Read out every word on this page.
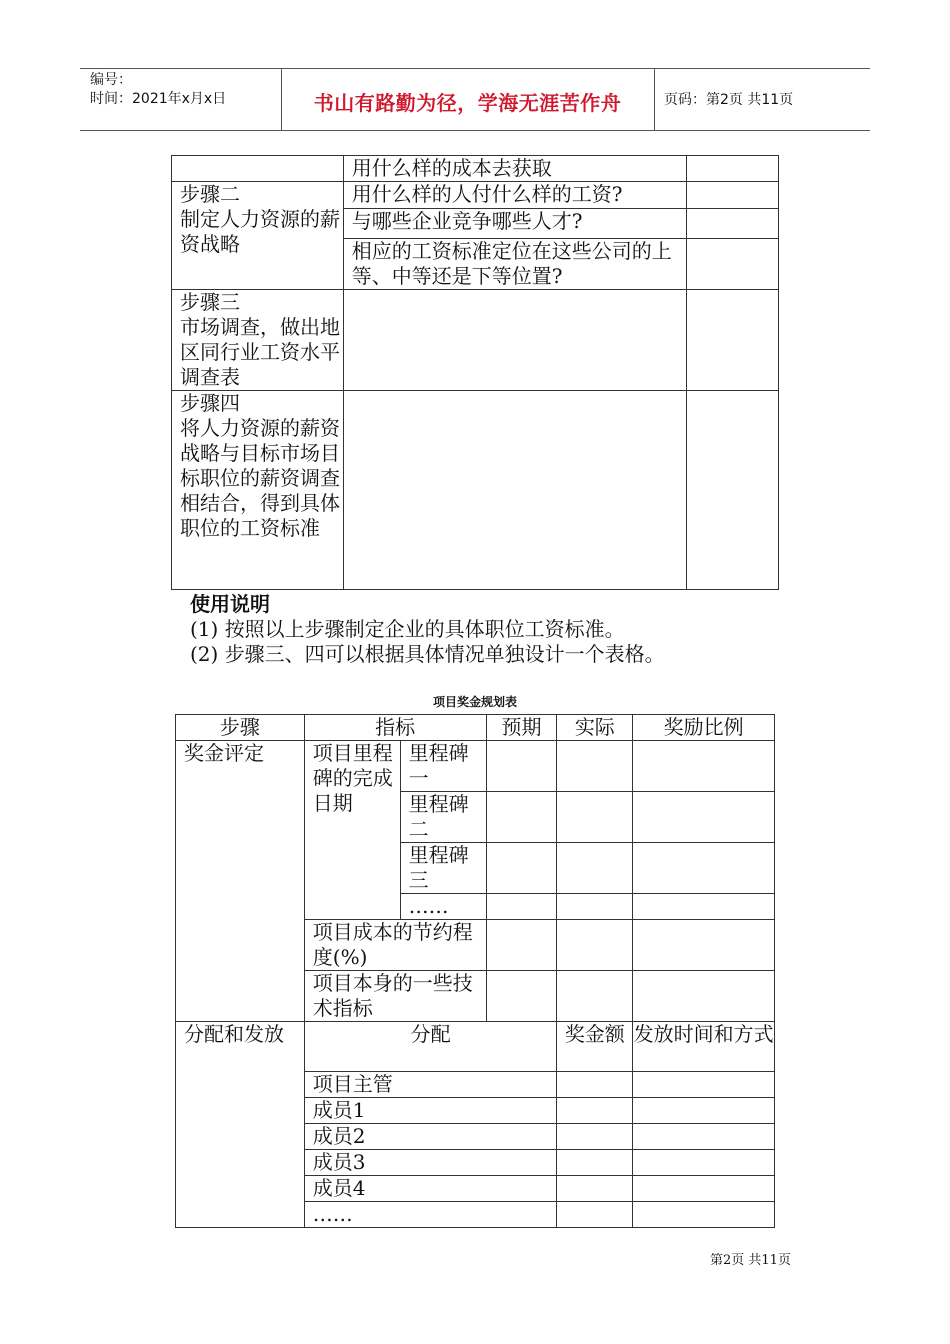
编号：
时间：2021年x月x日	书山有路勤为径，学海无涯苦作舟	页码：第2页 共11页
	用什么样的成本去获取	

步骤二
制定人力资源的薪资战略	用什么样的人付什么样的工资?	
	与哪些企业竞争哪些人才?	
	相应的工资标准定位在这些公司的上等、中等还是下等位置?	

步骤三
市场调查，做出地区同行业工资水平调查表		

步骤四
将人力资源的薪资战略与目标市场目标职位的薪资调查相结合，得到具体职位的工资标准		

使用说明
(1) 按照以上步骤制定企业的具体职位工资标准。
(2) 步骤三、四可以根据具体情况单独设计一个表格。
项目奖金规划表
步骤	指标		预期	实际	奖励比例
奖金评定	项目里程碑的完成日期	里程碑一			
		里程碑二			
		里程碑三			
		……			
	项目成本的节约程度(%)				
	项目本身的一些技术指标				
分配和发放	分配			奖金额	发放时间和方式
	项目主管				
	成员1				
	成员2				
	成员3				
	成员4				
	……				
第2页 共11页
